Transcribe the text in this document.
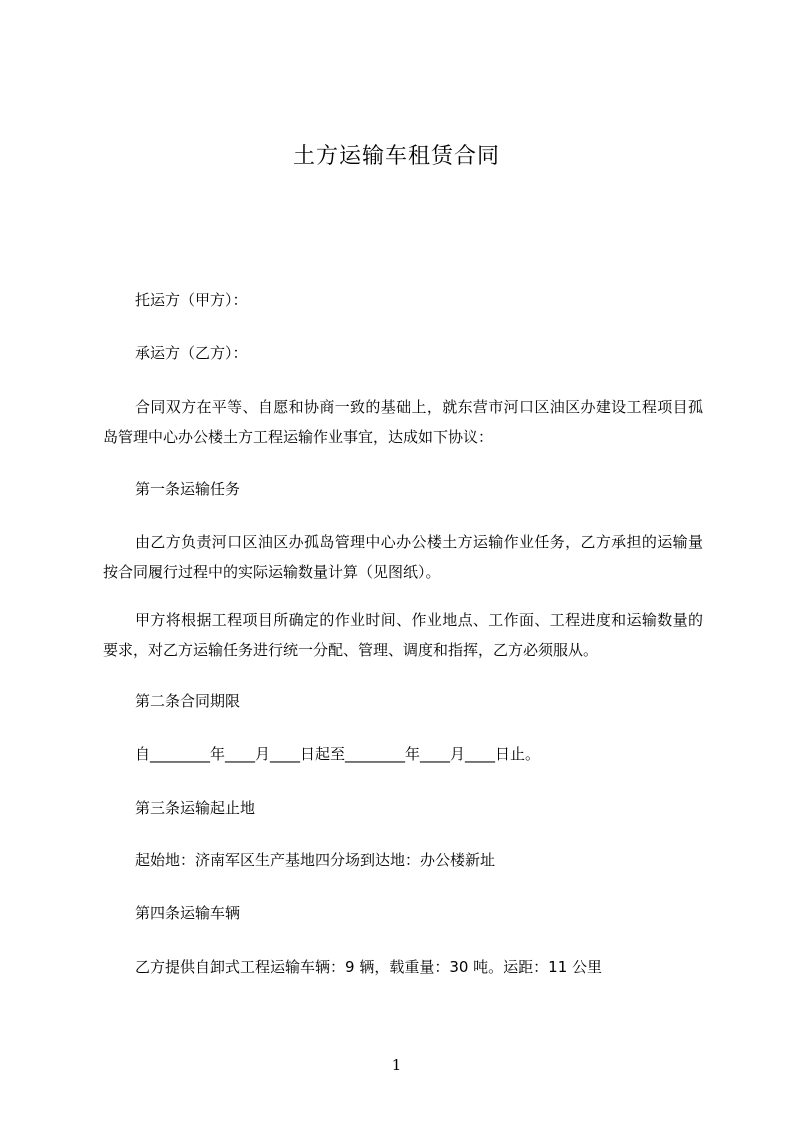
土方运输车租赁合同

托运方（甲方）：

承运方（乙方）：

合同双方在平等、自愿和协商一致的基础上，就东营市河口区油区办建设工程项目孤岛管理中心办公楼土方工程运输作业事宜，达成如下协议：

第一条运输任务

由乙方负责河口区油区办孤岛管理中心办公楼土方运输作业任务，乙方承担的运输量按合同履行过程中的实际运输数量计算（见图纸）。

甲方将根据工程项目所确定的作业时间、作业地点、工作面、工程进度和运输数量的要求，对乙方运输任务进行统一分配、管理、调度和指挥，乙方必须服从。

第二条合同期限

自________年____月____日起至________年____月____日止。

第三条运输起止地

起始地：济南军区生产基地四分场到达地：办公楼新址

第四条运输车辆

乙方提供自卸式工程运输车辆：9 辆，载重量：30 吨。运距：11 公里

1
